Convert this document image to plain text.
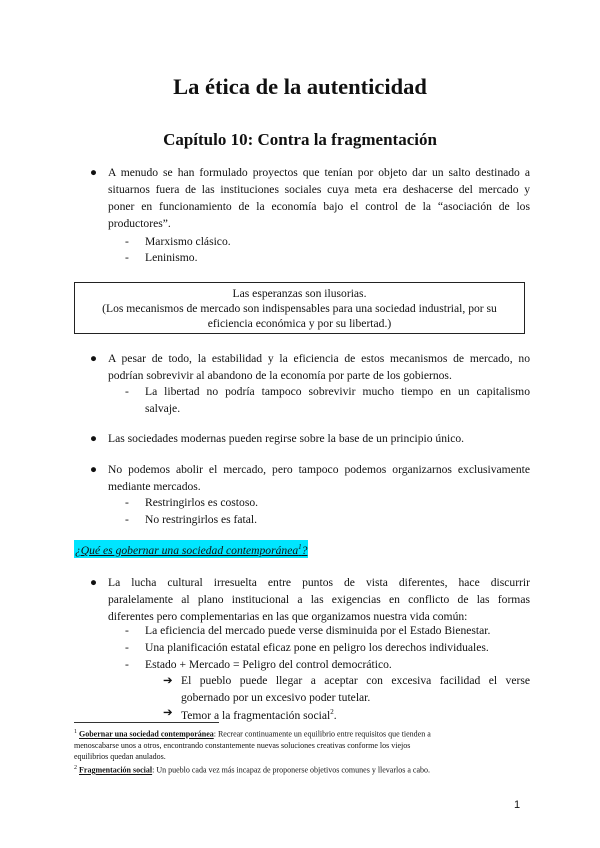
La ética de la autenticidad
Capítulo 10: Contra la fragmentación
● A menudo se han formulado proyectos que tenían por objeto dar un salto destinado a
situarnos fuera de las instituciones sociales cuya meta era deshacerse del mercado y
poner en funcionamiento de la economía bajo el control de la “asociación de los
productores”.
-	Marxismo clásico.
-	Leninismo.
Las esperanzas son ilusorias.
(Los mecanismos de mercado son indispensables para una sociedad industrial, por su
eficiencia económica y por su libertad.)
● A pesar de todo, la estabilidad y la eficiencia de estos mecanismos de mercado, no
podrían sobrevivir al abandono de la economía por parte de los gobiernos.
-	La libertad no podría tampoco sobrevivir mucho tiempo en un capitalismo
salvaje.
● Las sociedades modernas pueden regirse sobre la base de un principio único.
● No podemos abolir el mercado, pero tampoco podemos organizarnos exclusivamente
mediante mercados.
-	Restringirlos es costoso.
-	No restringirlos es fatal.
¿Qué es gobernar una sociedad contemporánea$^1$?
● La lucha cultural irresuelta entre puntos de vista diferentes, hace discurrir
paralelamente al plano institucional a las exigencias en conflicto de las formas
diferentes pero complementarias en las que organizamos nuestra vida común:
-	La eficiencia del mercado puede verse disminuida por el Estado Bienestar.
-	Una planificación estatal eficaz pone en peligro los derechos individuales.
-	Estado + Mercado = Peligro del control democrático.
➔ El pueblo puede llegar a aceptar con excesiva facilidad el verse
gobernado por un excesivo poder tutelar.
➔ Temor a la fragmentación social$^2$.
$^1$ Gobernar una sociedad contemporánea: Recrear continuamente un equilibrio entre requisitos que tienden a
menoscabarse unos a otros, encontrando constantemente nuevas soluciones creativas conforme los viejos
equilibrios quedan anulados.
$^2$ Fragmentación social: Un pueblo cada vez más incapaz de proponerse objetivos comunes y llevarlos a cabo.
1
